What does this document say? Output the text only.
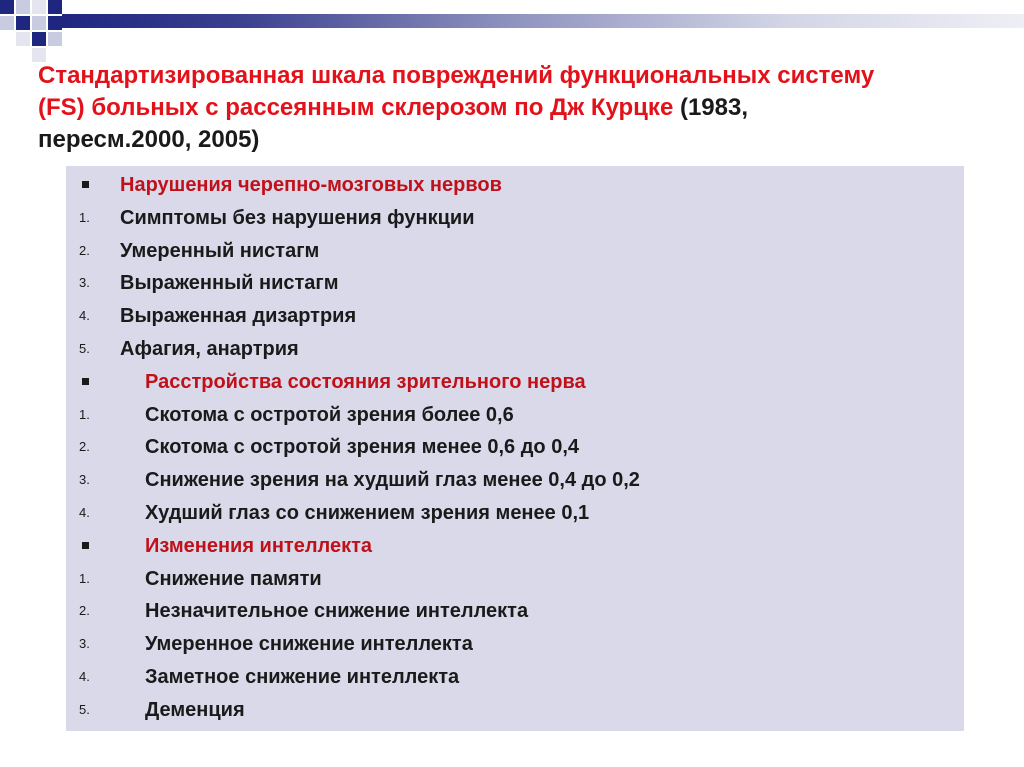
Стандартизированная шкала повреждений функциональных систему
(FS) больных с рассеянным склерозом по Дж Курцке (1983,
пересм.2000, 2005)
Нарушения черепно-мозговых нервов
1. Симптомы без нарушения функции
2. Умеренный нистагм
3. Выраженный нистагм
4. Выраженная дизартрия
5. Афагия, анартрия
Расстройства состояния зрительного нерва
1.	Скотома с остротой зрения более 0,6
2.	Скотома с остротой зрения менее 0,6 до 0,4
3.	Снижение зрения на худший глаз менее 0,4 до 0,2
4.	Худший глаз со снижением зрения менее 0,1
Изменения интеллекта
1.	Снижение памяти
2.	Незначительное снижение интеллекта
3.	Умеренное снижение интеллекта
4.	Заметное снижение интеллекта
5.	Деменция
